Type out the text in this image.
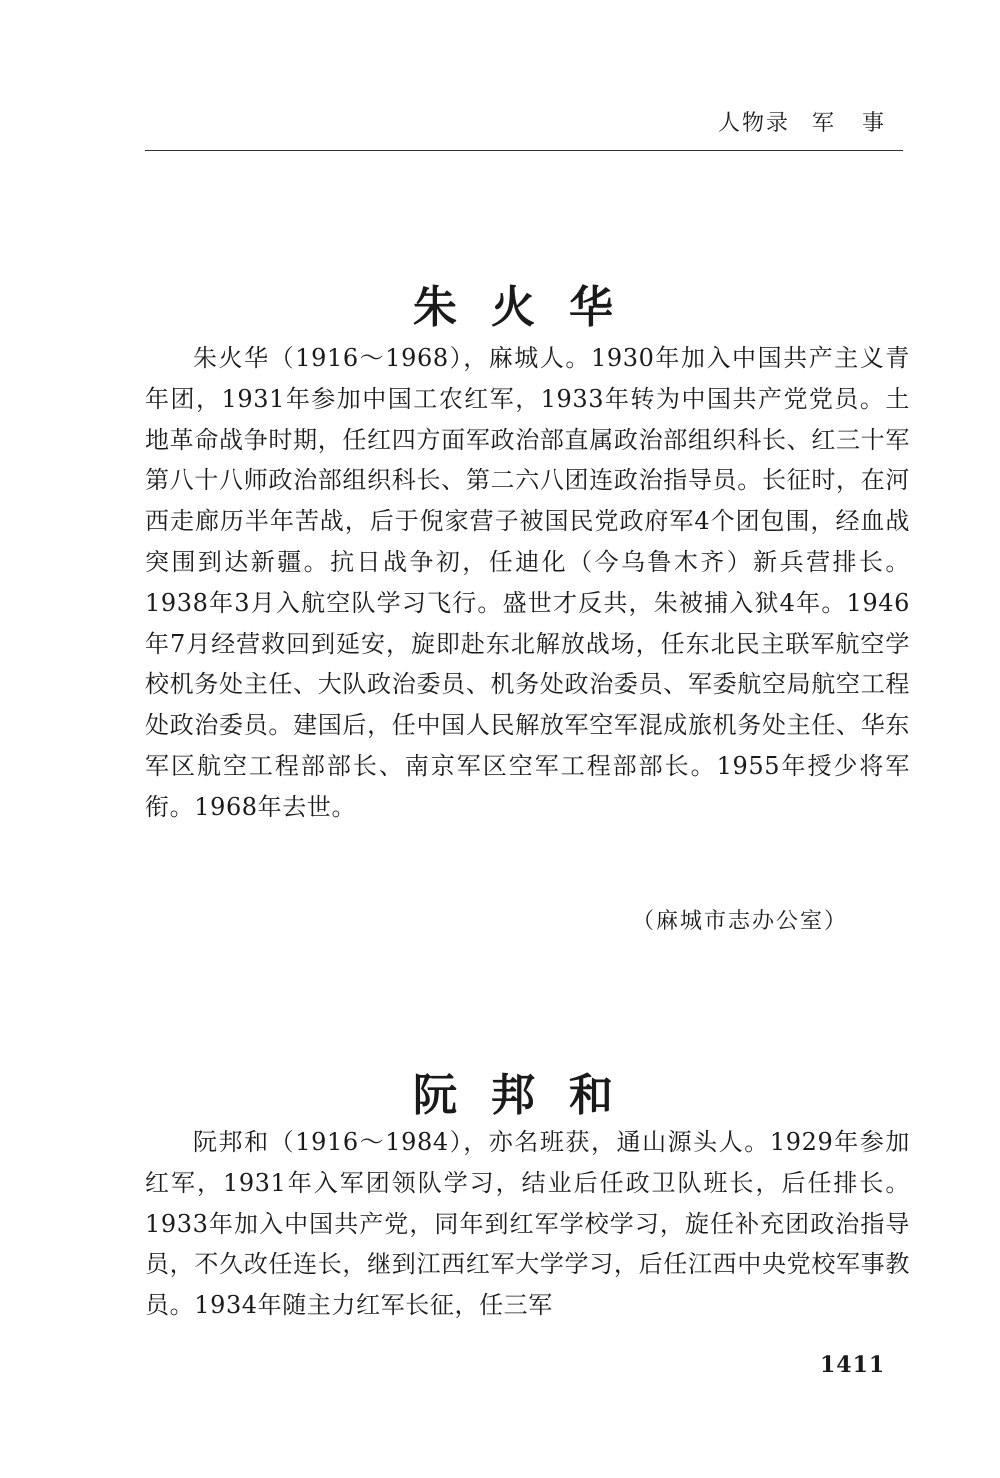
人物录 军事
朱火华

朱火华（1916～1968），麻城人。1930年加入中国共产主义青年团，1931年参加中国工农红军，1933年转为中国共产党党员。土地革命战争时期，任红四方面军政治部直属政治部组织科长、红三十军第八十八师政治部组织科长、第二六八团连政治指导员。长征时，在河西走廊历半年苦战，后于倪家营子被国民党政府军4个团包围，经血战突围到达新疆。抗日战争初，任迪化（今乌鲁木齐）新兵营排长。1938年3月入航空队学习飞行。盛世才反共，朱被捕入狱4年。1946年7月经营救回到延安，旋即赴东北解放战场，任东北民主联军航空学校机务处主任、大队政治委员、机务处政治委员、军委航空局航空工程处政治委员。建国后，任中国人民解放军空军混成旅机务处主任、华东军区航空工程部部长、南京军区空军工程部部长。1955年授少将军衔。1968年去世。

（麻城市志办公室）
阮邦和

阮邦和（1916～1984），亦名班获，通山源头人。1929年参加红军，1931年入军团领队学习，结业后任政卫队班长，后任排长。1933年加入中国共产党，同年到红军学校学习，旋任补充团政治指导员，不久改任连长，继到江西红军大学学习，后任江西中央党校军事教员。1934年随主力红军长征，任三军

1411
